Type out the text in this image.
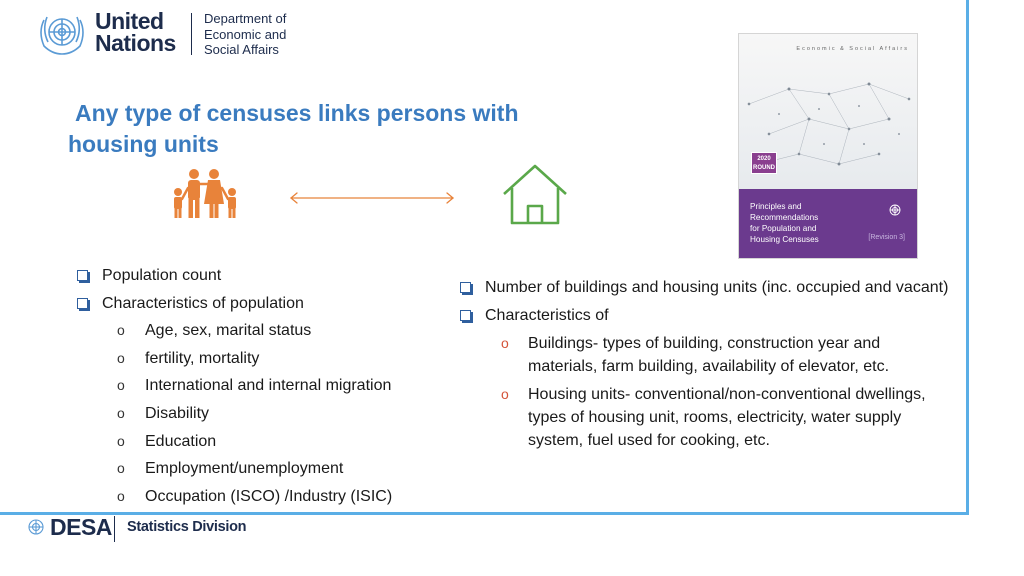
United
Nations
Department of
Economic and
Social Affairs
Any type of censuses links persons with
housing units
Economic & Social Affairs
2020
ROUND
Principles and
Recommendations
for Population and
Housing Censuses	[Revision 3]
Population count
Characteristics of population
o Age, sex, marital status
o fertility, mortality
o International and internal migration
o Disability
o Education
o Employment/unemployment
o Occupation (ISCO) /Industry (ISIC)
Number of buildings and housing units (inc. occupied and vacant)
Characteristics of
o Buildings- types of building, construction year and materials, farm building, availability of elevator, etc.
o Housing units- conventional/non-conventional dwellings, types of housing unit, rooms, electricity, water supply system, fuel used for cooking, etc.
DESA Statistics Division
